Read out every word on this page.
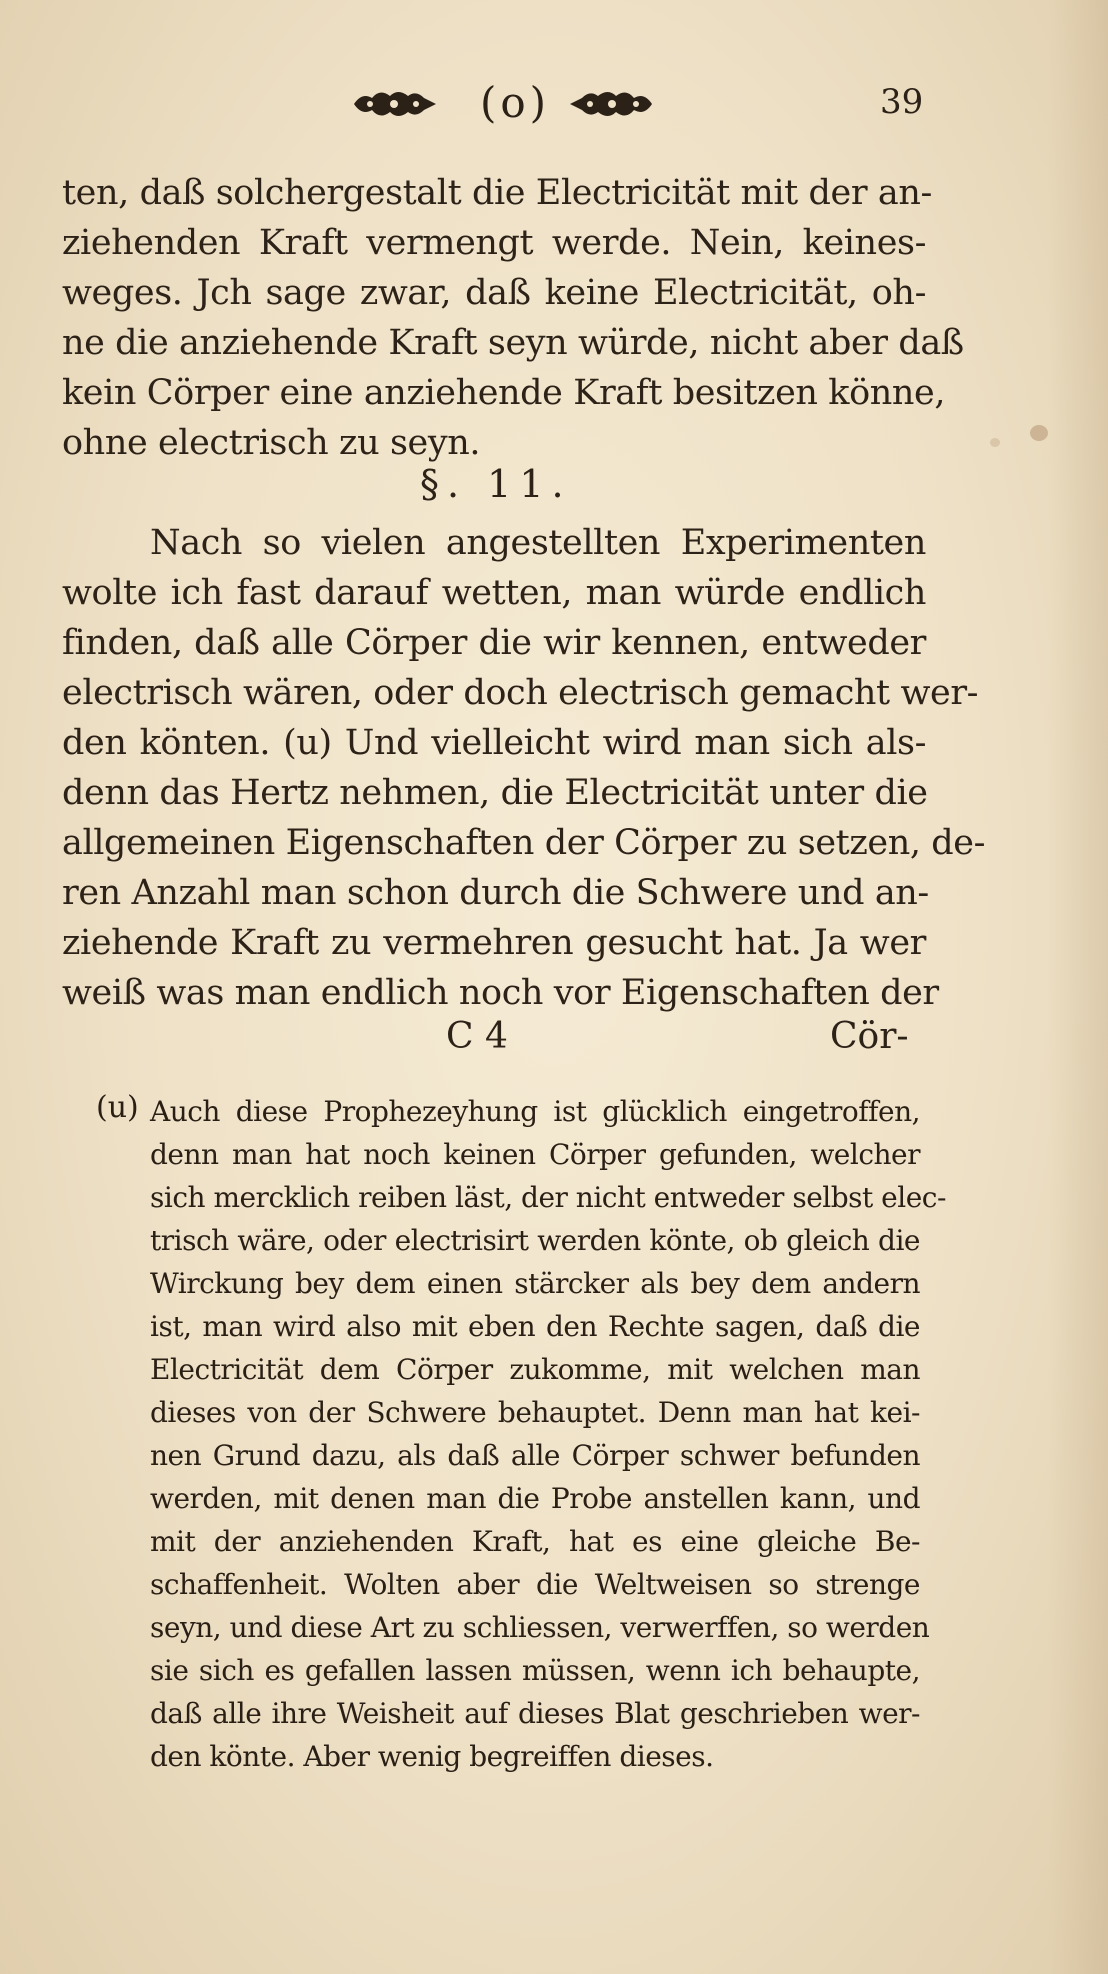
(o)	39
ten, daß solchergestalt die Electricität mit der an-
ziehenden Kraft vermengt werde. Nein, keines-
weges. Jch sage zwar, daß keine Electricität, oh-
ne die anziehende Kraft seyn würde, nicht aber daß
kein Cörper eine anziehende Kraft besitzen könne,
ohne electrisch zu seyn.
§. 11.
Nach so vielen angestellten Experimenten
wolte ich fast darauf wetten, man würde endlich
finden, daß alle Cörper die wir kennen, entweder
electrisch wären, oder doch electrisch gemacht wer-
den könten. (u) Und vielleicht wird man sich als-
denn das Hertz nehmen, die Electricität unter die
allgemeinen Eigenschaften der Cörper zu setzen, de-
ren Anzahl man schon durch die Schwere und an-
ziehende Kraft zu vermehren gesucht hat. Ja wer
weiß was man endlich noch vor Eigenschaften der
C 4	Cör-
(u) Auch diese Prophezeyhung ist glücklich eingetroffen,
denn man hat noch keinen Cörper gefunden, welcher
sich mercklich reiben läst, der nicht entweder selbst elec-
trisch wäre, oder electrisirt werden könte, ob gleich die
Wirckung bey dem einen stärcker als bey dem andern
ist, man wird also mit eben den Rechte sagen, daß die
Electricität dem Cörper zukomme, mit welchen man
dieses von der Schwere behauptet. Denn man hat kei-
nen Grund dazu, als daß alle Cörper schwer befunden
werden, mit denen man die Probe anstellen kann, und
mit der anziehenden Kraft, hat es eine gleiche Be-
schaffenheit. Wolten aber die Weltweisen so strenge
seyn, und diese Art zu schliessen, verwerffen, so werden
sie sich es gefallen lassen müssen, wenn ich behaupte,
daß alle ihre Weisheit auf dieses Blat geschrieben wer-
den könte. Aber wenig begreiffen dieses.
